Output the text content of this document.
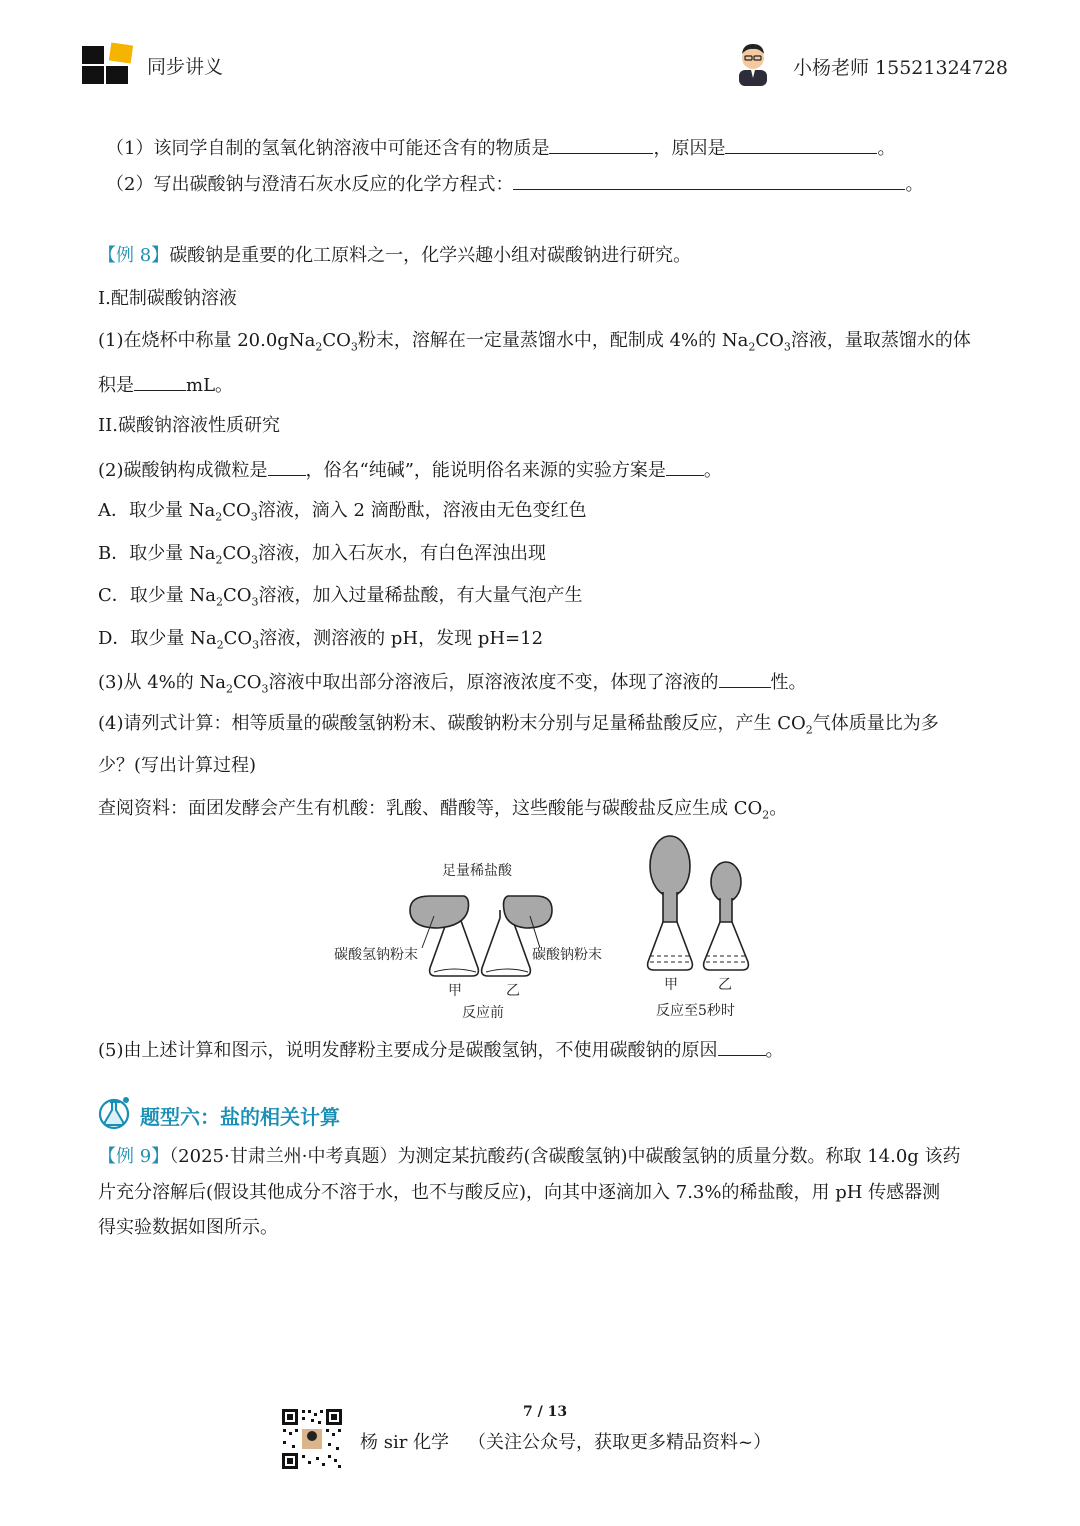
同步讲义	小杨老师 15521324728
（1）该同学自制的氢氧化钠溶液中可能还含有的物质是	，原因是	。
（2）写出碳酸钠与澄清石灰水反应的化学方程式：	。
【例 8】碳酸钠是重要的化工原料之一，化学兴趣小组对碳酸钠进行研究。
I.配制碳酸钠溶液
(1)在烧杯中称量 $20.0gNa_2CO_3$粉末，溶解在一定量蒸馏水中，配制成 4%的 $Na_2CO_3$溶液，量取蒸馏水的体
积是	mL。
II.碳酸钠溶液性质研究
(2)碳酸钠构成微粒是 ，俗名“纯碱”，能说明俗名来源的实验方案是 。
A．取少量 $Na_2CO_3$溶液，滴入 2 滴酚酞，溶液由无色变红色
B．取少量 $Na_2CO_3$溶液，加入石灰水，有白色浑浊出现
C．取少量 $Na_2CO_3$溶液，加入过量稀盐酸，有大量气泡产生
D．取少量 $Na_2CO_3$溶液，测溶液的 pH，发现 pH=12
(3)从 4%的 $Na_2CO_3$溶液中取出部分溶液后，原溶液浓度不变，体现了溶液的	性。
(4)请列式计算：相等质量的碳酸氢钠粉末、碳酸钠粉末分别与足量稀盐酸反应，产生 $CO_2$气体质量比为多
少？(写出计算过程)
查阅资料：面团发酵会产生有机酸：乳酸、醋酸等，这些酸能与碳酸盐反应生成 $CO_2$。
足量稀盐酸
碳酸氢钠粉末	碳酸钠粉末
甲	乙
反应前
甲	乙
反应至5秒时
(5)由上述计算和图示，说明发酵粉主要成分是碳酸氢钠，不使用碳酸钠的原因	。
题型六：盐的相关计算
【例 9】（2025·甘肃兰州·中考真题）为测定某抗酸药(含碳酸氢钠)中碳酸氢钠的质量分数。称取 14.0g 该药
片充分溶解后(假设其他成分不溶于水，也不与酸反应)，向其中逐滴加入 7.3%的稀盐酸，用 pH 传感器测
得实验数据如图所示。
7 / 13
杨 sir 化学 （关注公众号，获取更多精品资料~）
